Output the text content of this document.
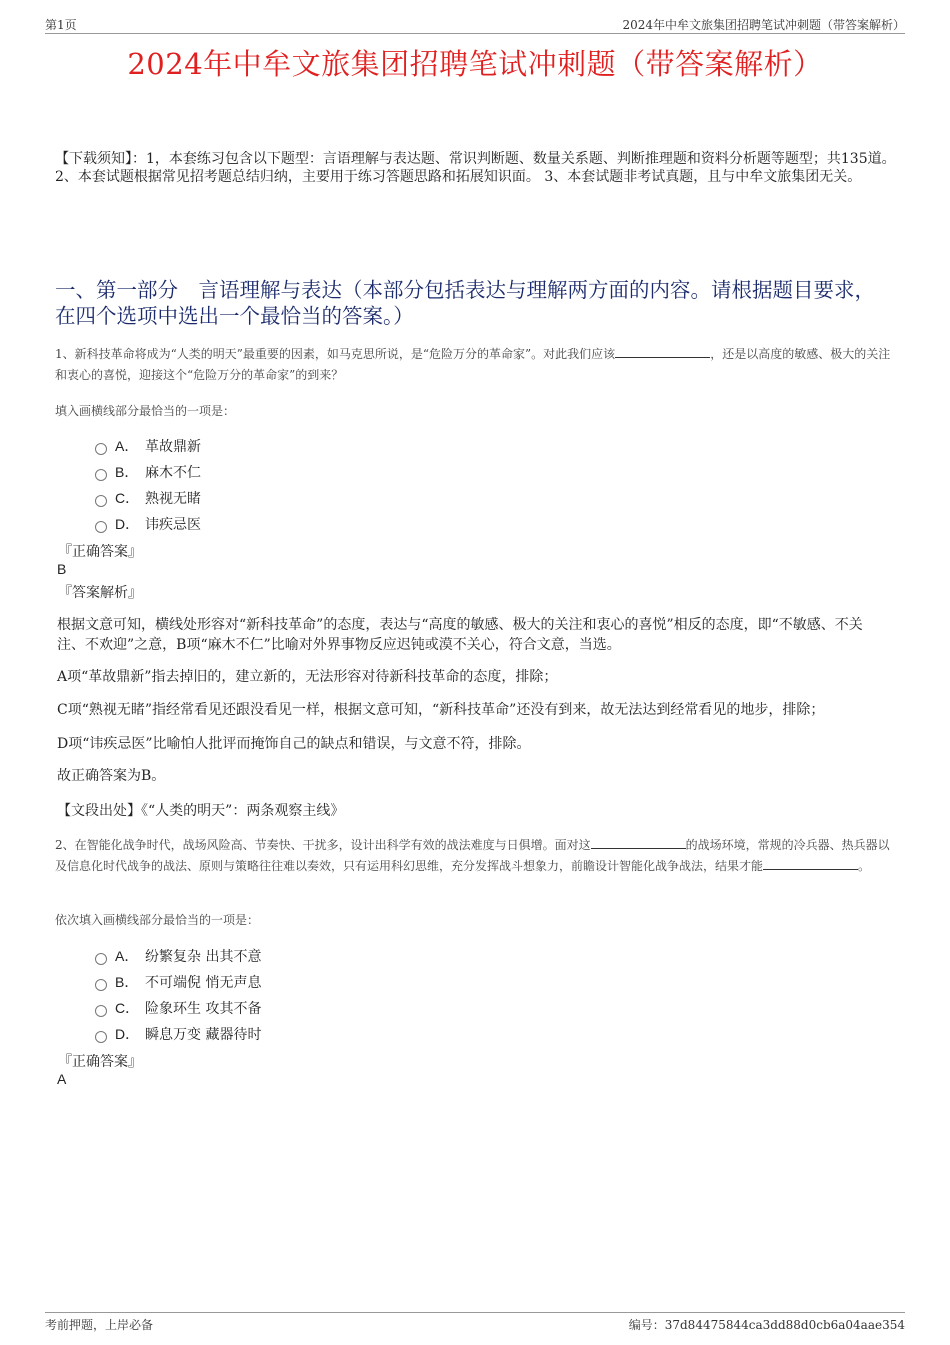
第1页	2024年中牟文旅集团招聘笔试冲刺题（带答案解析）
2024年中牟文旅集团招聘笔试冲刺题（带答案解析）
【下载须知】：1，本套练习包含以下题型：言语理解与表达题、常识判断题、数量关系题、判断推理题和资料分析题等题型；共135道。 2、本套试题根据常见招考题总结归纳，主要用于练习答题思路和拓展知识面。 3、本套试题非考试真题，且与中牟文旅集团无关。
一、第一部分　言语理解与表达（本部分包括表达与理解两方面的内容。请根据题目要求，在四个选项中选出一个最恰当的答案。）
1、新科技革命将成为“人类的明天”最重要的因素，如马克思所说，是“危险万分的革命家”。对此我们应该	，还是以高度的敏感、极大的关注和衷心的喜悦，迎接这个“危险万分的革命家”的到来？
填入画横线部分最恰当的一项是：
A． 革故鼎新
B． 麻木不仁
C． 熟视无睹
D． 讳疾忌医
『正确答案』
B
『答案解析』
根据文意可知，横线处形容对“新科技革命”的态度，表达与“高度的敏感、极大的关注和衷心的喜悦”相反的态度，即“不敏感、不关注、不欢迎”之意，B项“麻木不仁”比喻对外界事物反应迟钝或漠不关心，符合文意，当选。
A项“革故鼎新”指去掉旧的，建立新的，无法形容对待新科技革命的态度，排除；
C项“熟视无睹”指经常看见还跟没看见一样，根据文意可知，“新科技革命”还没有到来，故无法达到经常看见的地步，排除；
D项“讳疾忌医”比喻怕人批评而掩饰自己的缺点和错误，与文意不符，排除。
故正确答案为B。
【文段出处】《“人类的明天”：两条观察主线》
2、在智能化战争时代，战场风险高、节奏快、干扰多，设计出科学有效的战法难度与日俱增。面对这	的战场环境，常规的冷兵器、热兵器以及信息化时代战争的战法、原则与策略往往难以奏效，只有运用科幻思维，充分发挥战斗想象力，前瞻设计智能化战争战法，结果才能	。
依次填入画横线部分最恰当的一项是：
A． 纷繁复杂 出其不意
B． 不可端倪 悄无声息
C． 险象环生 攻其不备
D． 瞬息万变 藏器待时
『正确答案』
A
考前押题，上岸必备	编号：37d84475844ca3dd88d0cb6a04aae354
